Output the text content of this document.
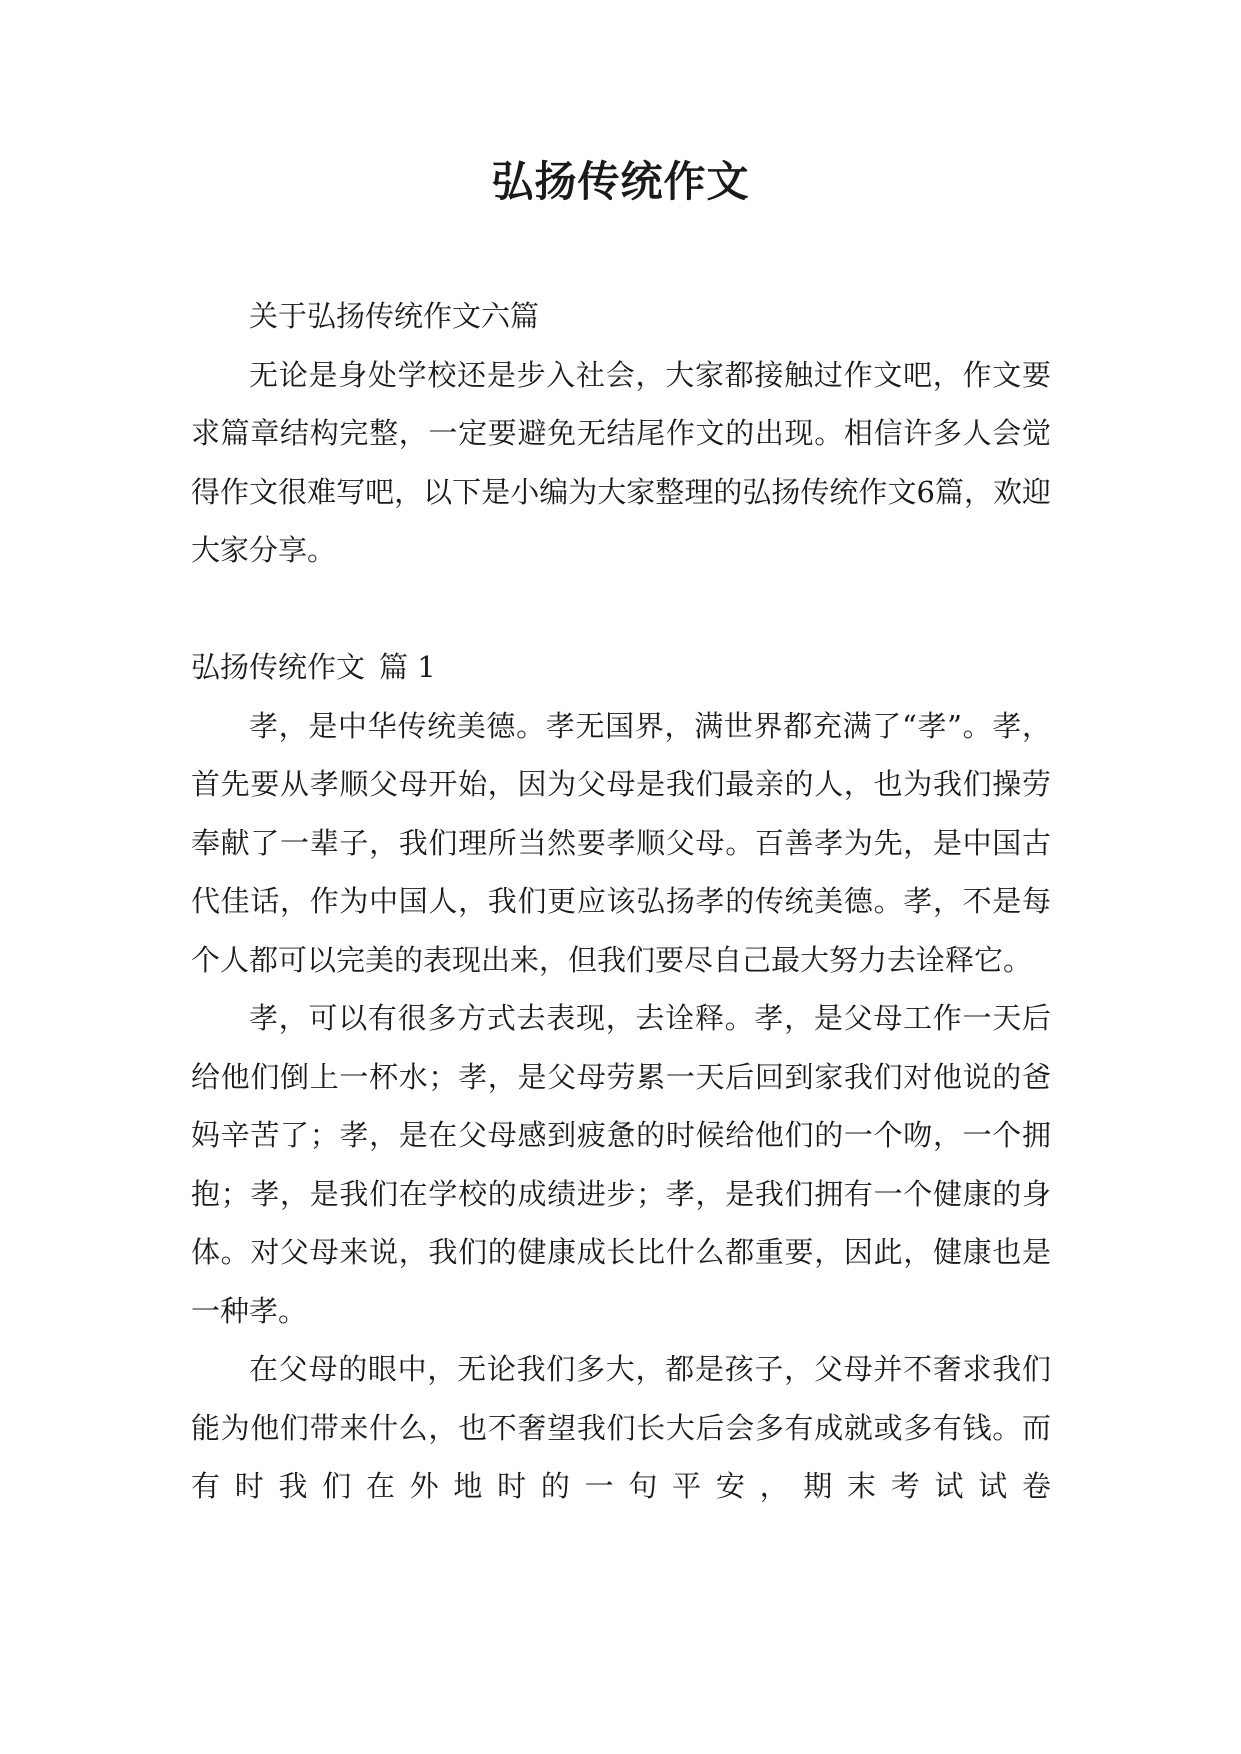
弘扬传统作文

关于弘扬传统作文六篇

无论是身处学校还是步入社会，大家都接触过作文吧，作文要求篇章结构完整，一定要避免无结尾作文的出现。相信许多人会觉得作文很难写吧，以下是小编为大家整理的弘扬传统作文6篇，欢迎大家分享。

弘扬传统作文 篇 1

孝，是中华传统美德。孝无国界，满世界都充满了“孝”。孝，首先要从孝顺父母开始，因为父母是我们最亲的人，也为我们操劳奉献了一辈子，我们理所当然要孝顺父母。百善孝为先，是中国古代佳话，作为中国人，我们更应该弘扬孝的传统美德。孝，不是每个人都可以完美的表现出来，但我们要尽自己最大努力去诠释它。

孝，可以有很多方式去表现，去诠释。孝，是父母工作一天后给他们倒上一杯水；孝，是父母劳累一天后回到家我们对他说的爸妈辛苦了；孝，是在父母感到疲惫的时候给他们的一个吻，一个拥抱；孝，是我们在学校的成绩进步；孝，是我们拥有一个健康的身体。对父母来说，我们的健康成长比什么都重要，因此，健康也是一种孝。

在父母的眼中，无论我们多大，都是孩子，父母并不奢求我们能为他们带来什么，也不奢望我们长大后会多有成就或多有钱。而有时我们在外地时的一句平安，期末考试试卷
